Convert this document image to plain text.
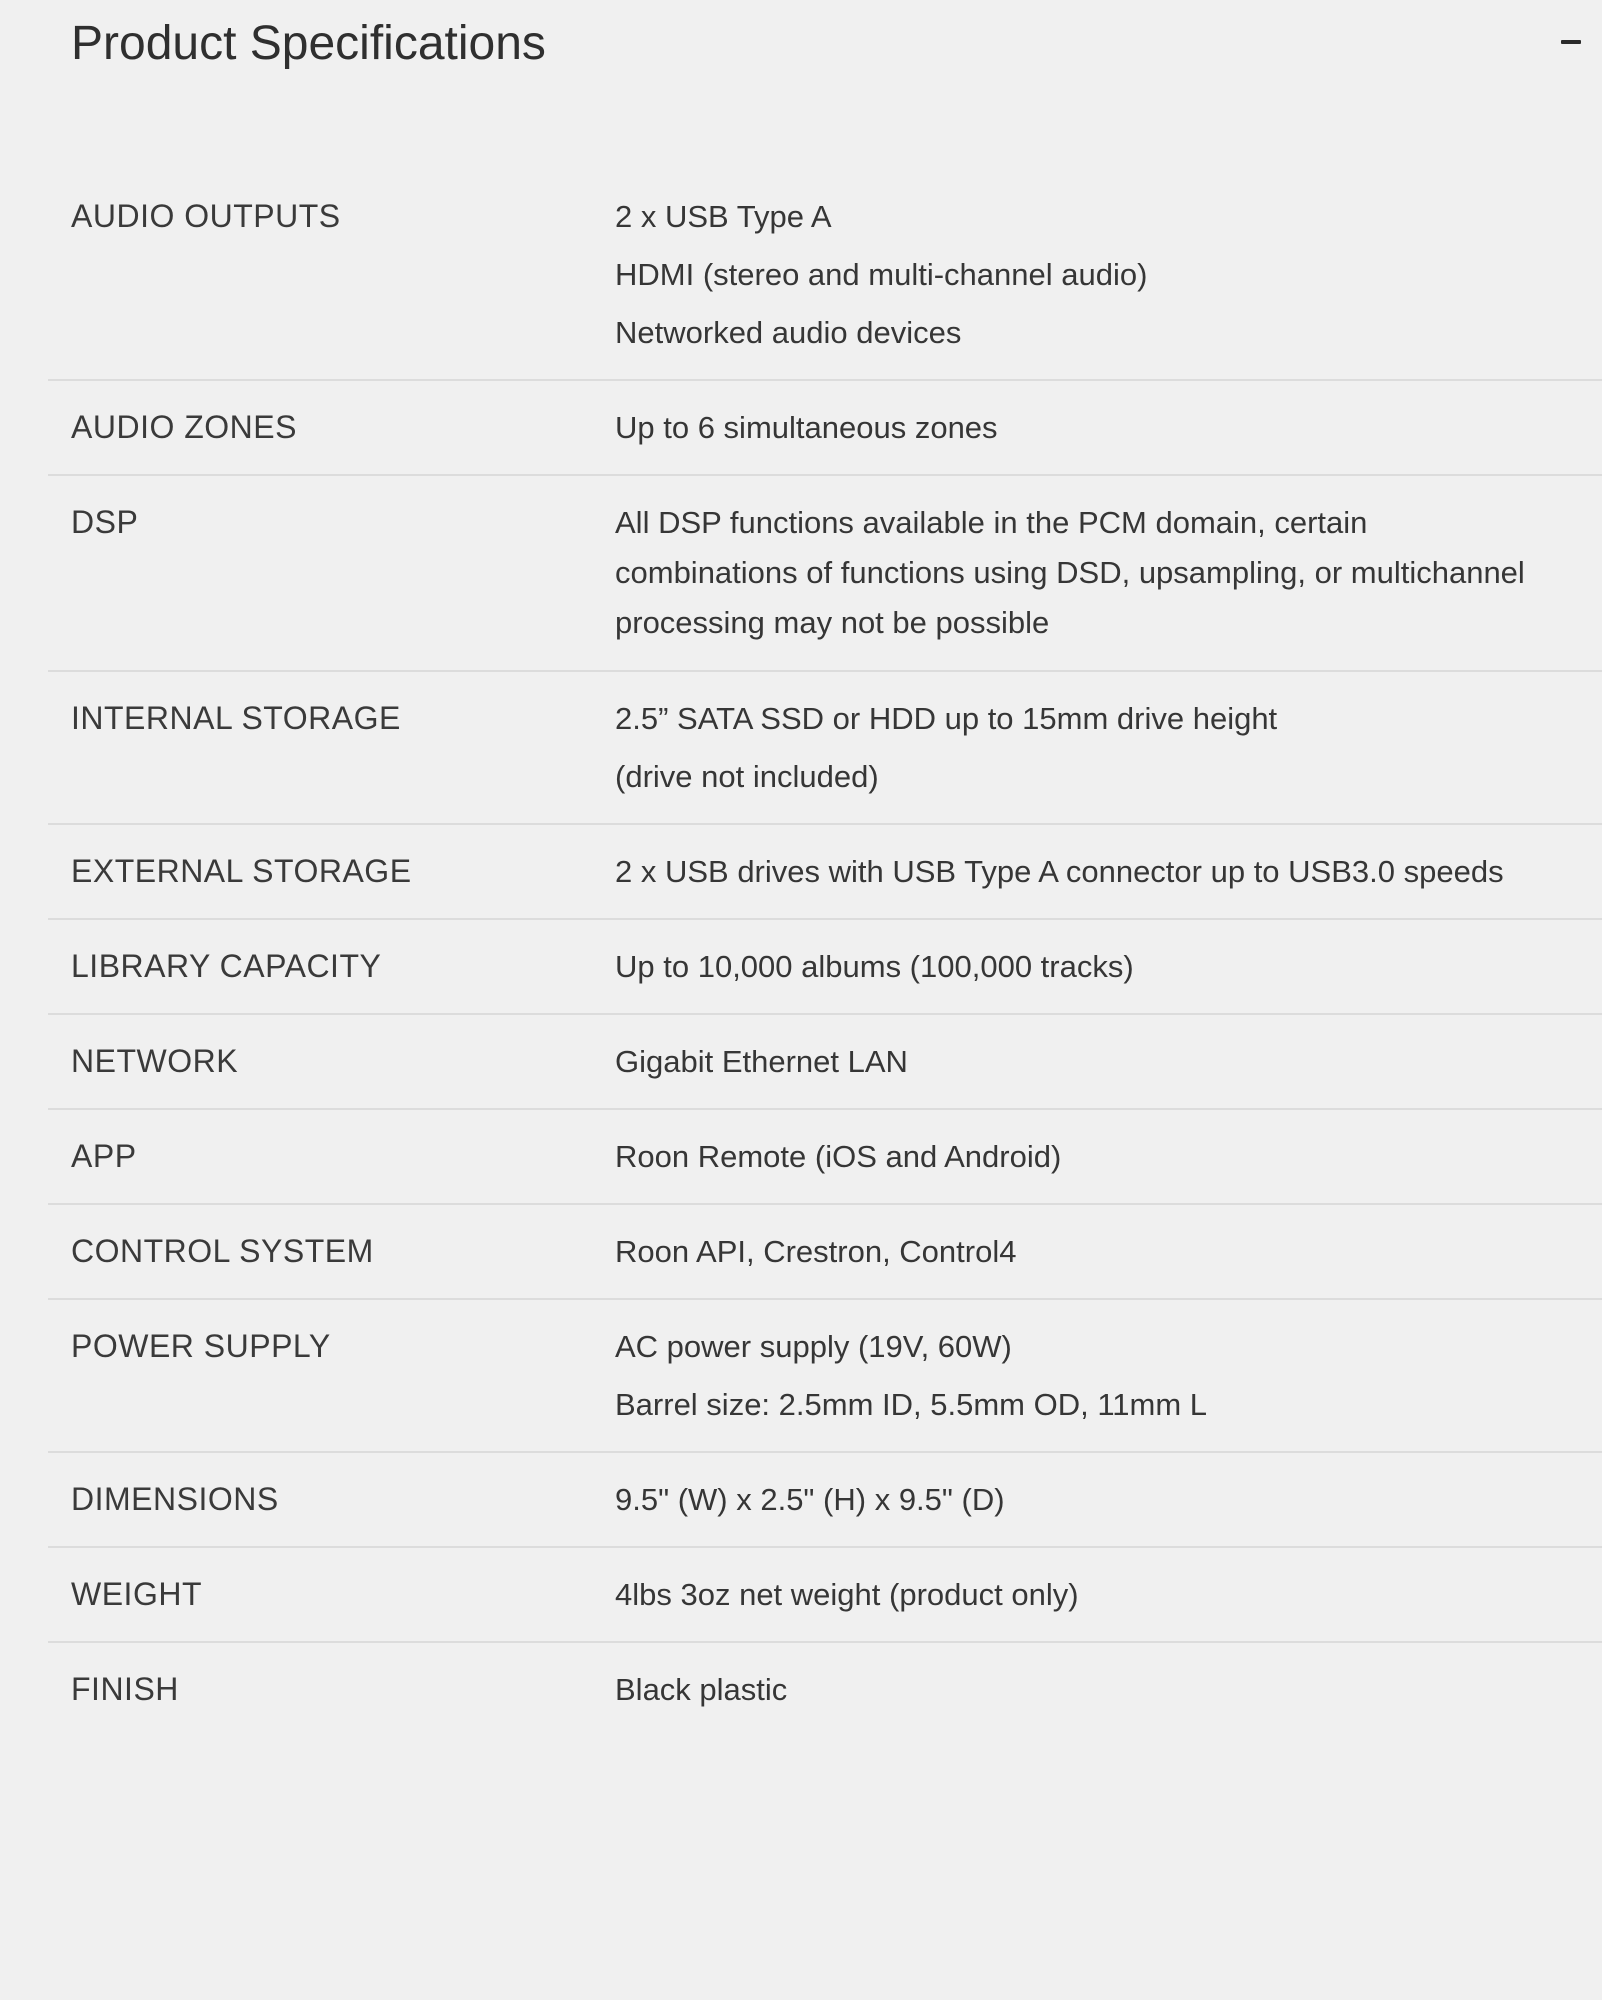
Product Specifications
AUDIO OUTPUTS	2 x USB Type A
HDMI (stereo and multi-channel audio)
Networked audio devices
AUDIO ZONES	Up to 6 simultaneous zones
DSP	All DSP functions available in the PCM domain, certain combinations of functions using DSD, upsampling, or multichannel processing may not be possible
INTERNAL STORAGE	2.5” SATA SSD or HDD up to 15mm drive height
(drive not included)
EXTERNAL STORAGE	2 x USB drives with USB Type A connector up to USB3.0 speeds
LIBRARY CAPACITY	Up to 10,000 albums (100,000 tracks)
NETWORK	Gigabit Ethernet LAN
APP	Roon Remote (iOS and Android)
CONTROL SYSTEM	Roon API, Crestron, Control4
POWER SUPPLY	AC power supply (19V, 60W)
Barrel size: 2.5mm ID, 5.5mm OD, 11mm L
DIMENSIONS	9.5" (W) x 2.5" (H) x 9.5" (D)
WEIGHT	4lbs 3oz net weight (product only)
FINISH	Black plastic
